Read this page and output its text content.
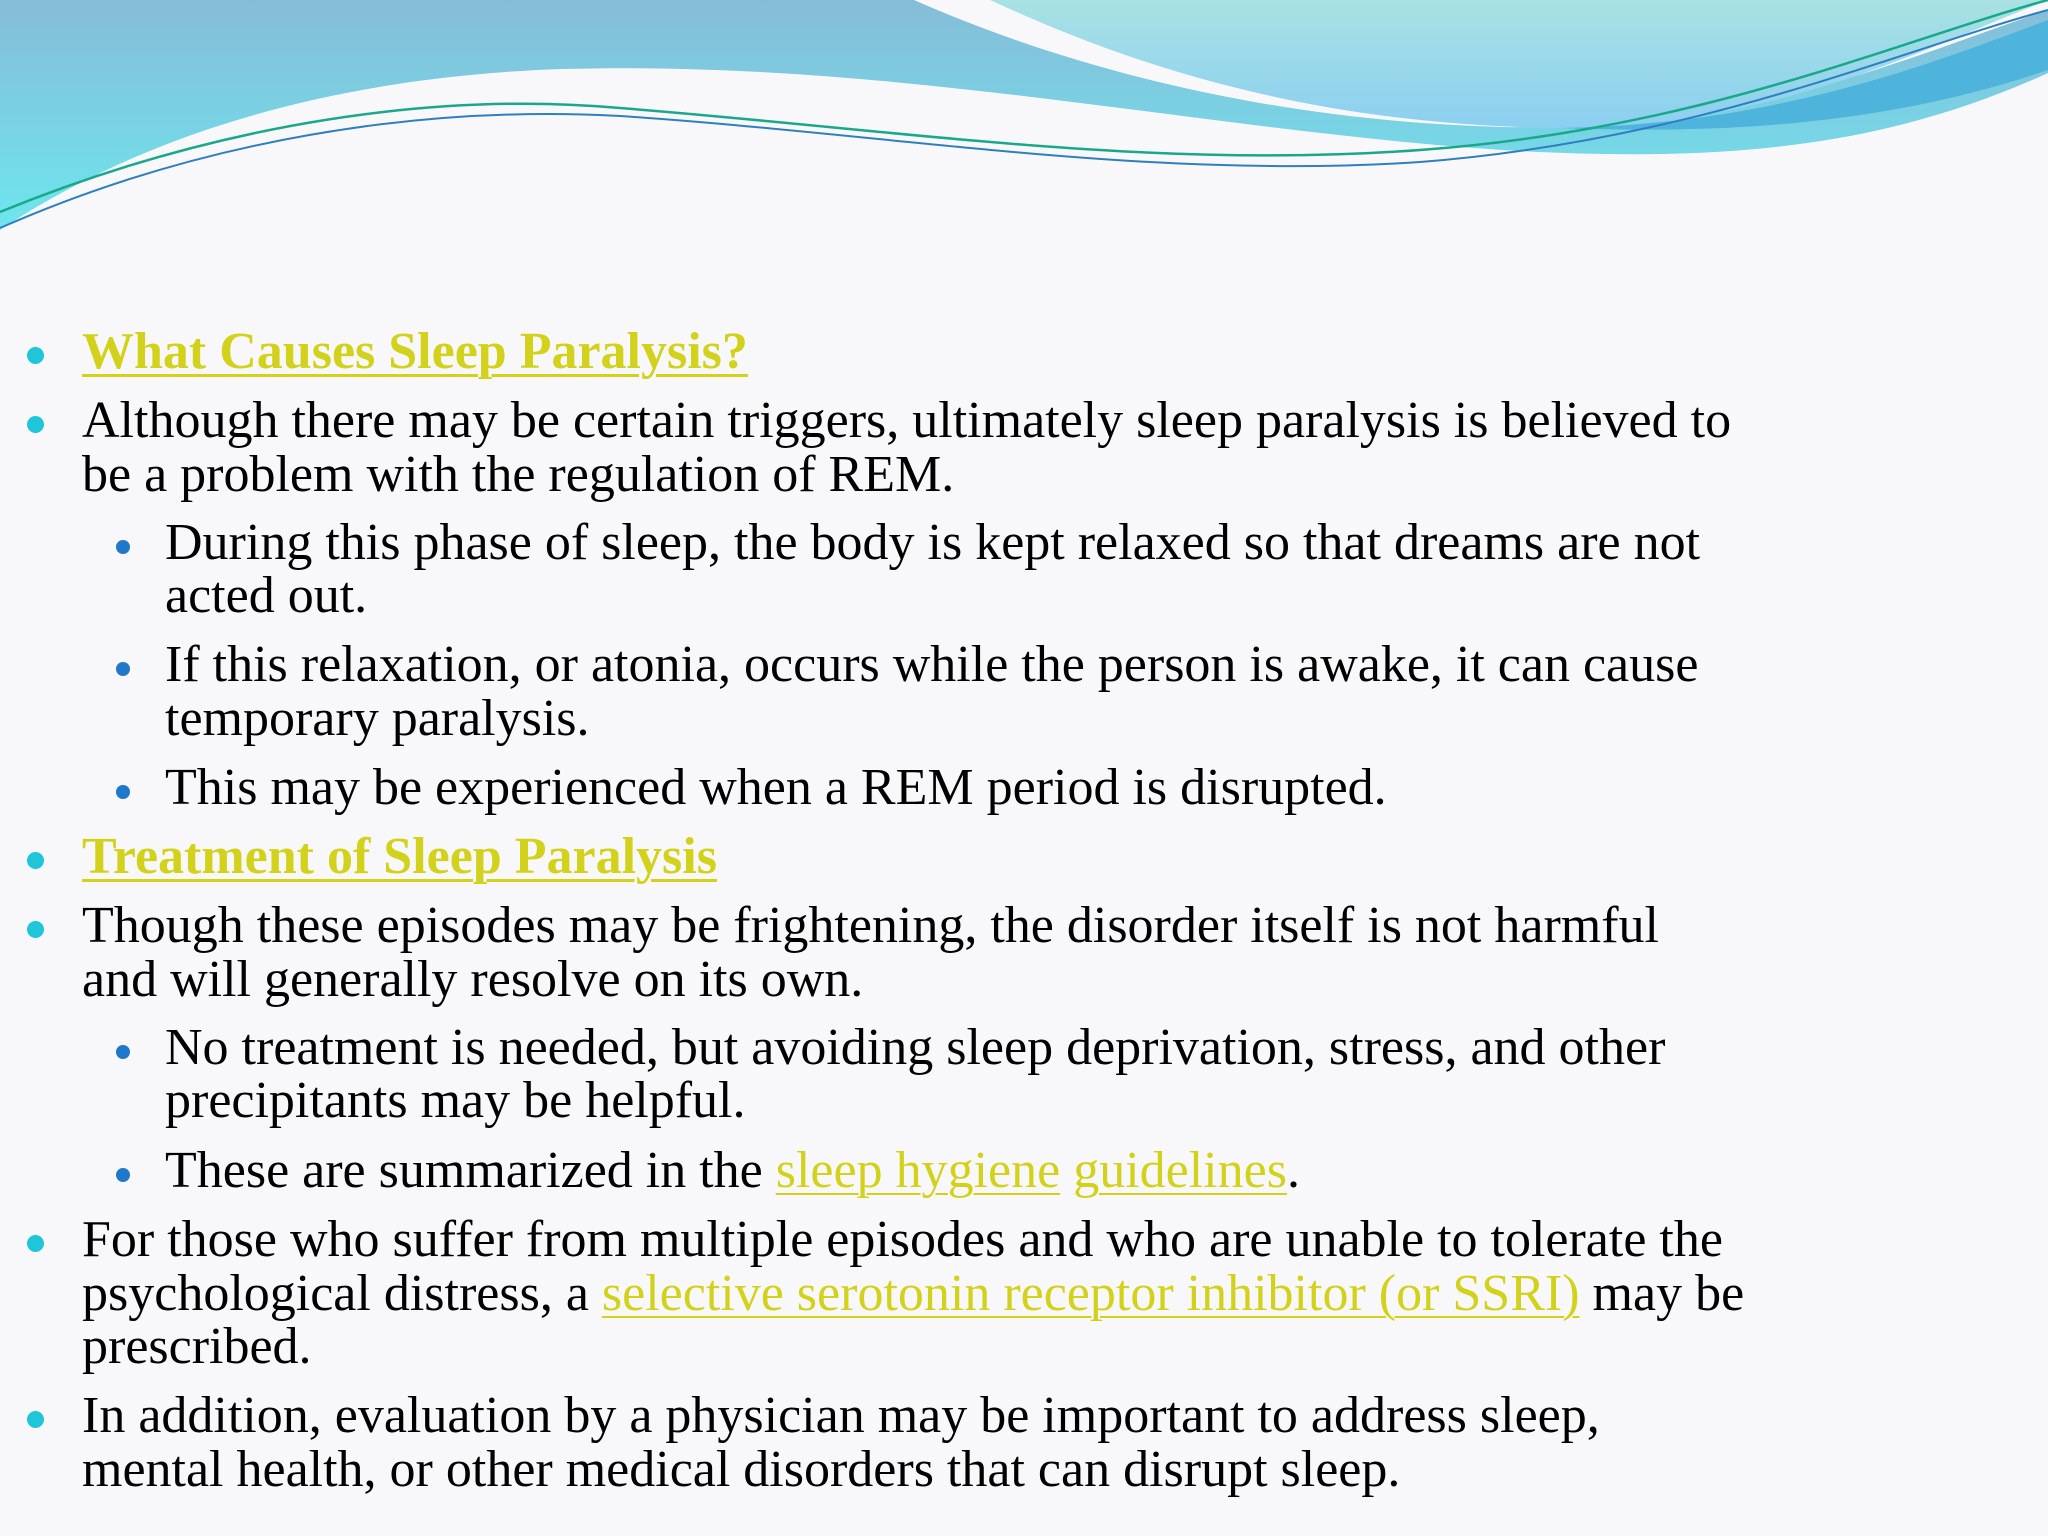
What Causes Sleep Paralysis?
Although there may be certain triggers, ultimately sleep paralysis is believed to
be a problem with the regulation of REM.
During this phase of sleep, the body is kept relaxed so that dreams are not
acted out.
If this relaxation, or atonia, occurs while the person is awake, it can cause
temporary paralysis.
This may be experienced when a REM period is disrupted.
Treatment of Sleep Paralysis
Though these episodes may be frightening, the disorder itself is not harmful
and will generally resolve on its own.
No treatment is needed, but avoiding sleep deprivation, stress, and other
precipitants may be helpful.
These are summarized in the sleep hygiene guidelines.
For those who suffer from multiple episodes and who are unable to tolerate the
psychological distress, a selective serotonin receptor inhibitor (or SSRI) may be
prescribed.
In addition, evaluation by a physician may be important to address sleep,
mental health, or other medical disorders that can disrupt sleep.
